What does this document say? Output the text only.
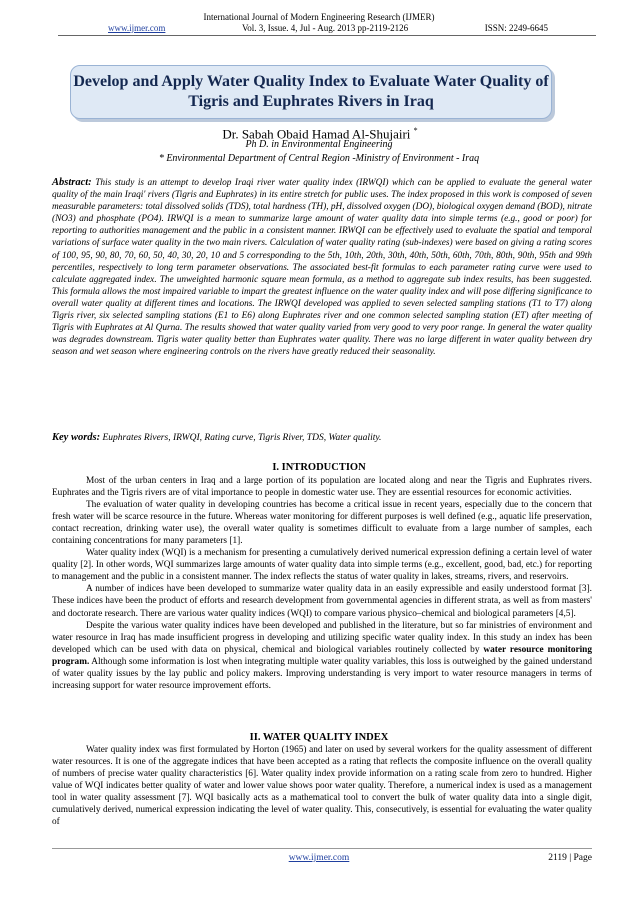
International Journal of Modern Engineering Research (IJMER)
www.ijmer.com	Vol. 3, Issue. 4, Jul - Aug. 2013 pp-2119-2126	ISSN: 2249-6645
Develop and Apply Water Quality Index to Evaluate Water Quality of Tigris and Euphrates Rivers in Iraq
Dr. Sabah Obaid Hamad Al-Shujairi *
Ph D. in Environmental Engineering
* Environmental Department of Central Region -Ministry of Environment - Iraq
Abstract: This study is an attempt to develop Iraqi river water quality index (IRWQI) which can be applied to evaluate the general water quality of the main Iraqi' rivers (Tigris and Euphrates) in its entire stretch for public uses. The index proposed in this work is composed of seven measurable parameters: total dissolved solids (TDS), total hardness (TH), pH, dissolved oxygen (DO), biological oxygen demand (BOD), nitrate (NO3) and phosphate (PO4). IRWQI is a mean to summarize large amount of water quality data into simple terms (e.g., good or poor) for reporting to authorities management and the public in a consistent manner. IRWQI can be effectively used to evaluate the spatial and temporal variations of surface water quality in the two main rivers. Calculation of water quality rating (sub-indexes) were based on giving a rating scores of 100, 95, 90, 80, 70, 60, 50, 40, 30, 20, 10 and 5 corresponding to the 5th, 10th, 20th, 30th, 40th, 50th, 60th, 70th, 80th, 90th, 95th and 99th percentiles, respectively to long term parameter observations. The associated best-fit formulas to each parameter rating curve were used to calculate aggregated index. The unweighted harmonic square mean formula, as a method to aggregate sub index results, has been suggested. This formula allows the most impaired variable to impart the greatest influence on the water quality index and will pose differing significance to overall water quality at different times and locations. The IRWQI developed was applied to seven selected sampling stations (T1 to T7) along Tigris river, six selected sampling stations (E1 to E6) along Euphrates river and one common selected sampling station (ET) after meeting of Tigris with Euphrates at Al Qurna. The results showed that water quality varied from very good to very poor range. In general the water quality was degrades downstream. Tigris water quality better than Euphrates water quality. There was no large different in water quality between dry season and wet season where engineering controls on the rivers have greatly reduced their seasonality.
Key words: Euphrates Rivers, IRWQI, Rating curve, Tigris River, TDS, Water quality.
I. INTRODUCTION

Most of the urban centers in Iraq and a large portion of its population are located along and near the Tigris and Euphrates rivers. Euphrates and the Tigris rivers are of vital importance to people in domestic water use. They are essential resources for economic activities.

The evaluation of water quality in developing countries has become a critical issue in recent years, especially due to the concern that fresh water will be scarce resource in the future. Whereas water monitoring for different purposes is well defined (e.g., aquatic life preservation, contact recreation, drinking water use), the overall water quality is sometimes difficult to evaluate from a large number of samples, each containing concentrations for many parameters [1].

Water quality index (WQI) is a mechanism for presenting a cumulatively derived numerical expression defining a certain level of water quality [2]. In other words, WQI summarizes large amounts of water quality data into simple terms (e.g., excellent, good, bad, etc.) for reporting to management and the public in a consistent manner. The index reflects the status of water quality in lakes, streams, rivers, and reservoirs.

A number of indices have been developed to summarize water quality data in an easily expressible and easily understood format [3]. These indices have been the product of efforts and research development from governmental agencies in different strata, as well as from masters' and doctorate research. There are various water quality indices (WQI) to compare various physico–chemical and biological parameters [4,5].

Despite the various water quality indices have been developed and published in the literature, but so far ministries of environment and water resource in Iraq has made insufficient progress in developing and utilizing specific water quality index. In this study an index has been developed which can be used with data on physical, chemical and biological variables routinely collected by water resource monitoring program. Although some information is lost when integrating multiple water quality variables, this loss is outweighed by the gained understand of water quality issues by the lay public and policy makers. Improving understanding is very import to water resource managers in terms of increasing support for water resource improvement efforts.

II. WATER QUALITY INDEX

Water quality index was first formulated by Horton (1965) and later on used by several workers for the quality assessment of different water resources. It is one of the aggregate indices that have been accepted as a rating that reflects the composite influence on the overall quality of numbers of precise water quality characteristics [6]. Water quality index provide information on a rating scale from zero to hundred. Higher value of WQI indicates better quality of water and lower value shows poor water quality. Therefore, a numerical index is used as a management tool in water quality assessment [7]. WQI basically acts as a mathematical tool to convert the bulk of water quality data into a single digit, cumulatively derived, numerical expression indicating the level of water quality. This, consecutively, is essential for evaluating the water quality of

www.ijmer.com	2119 | Page
